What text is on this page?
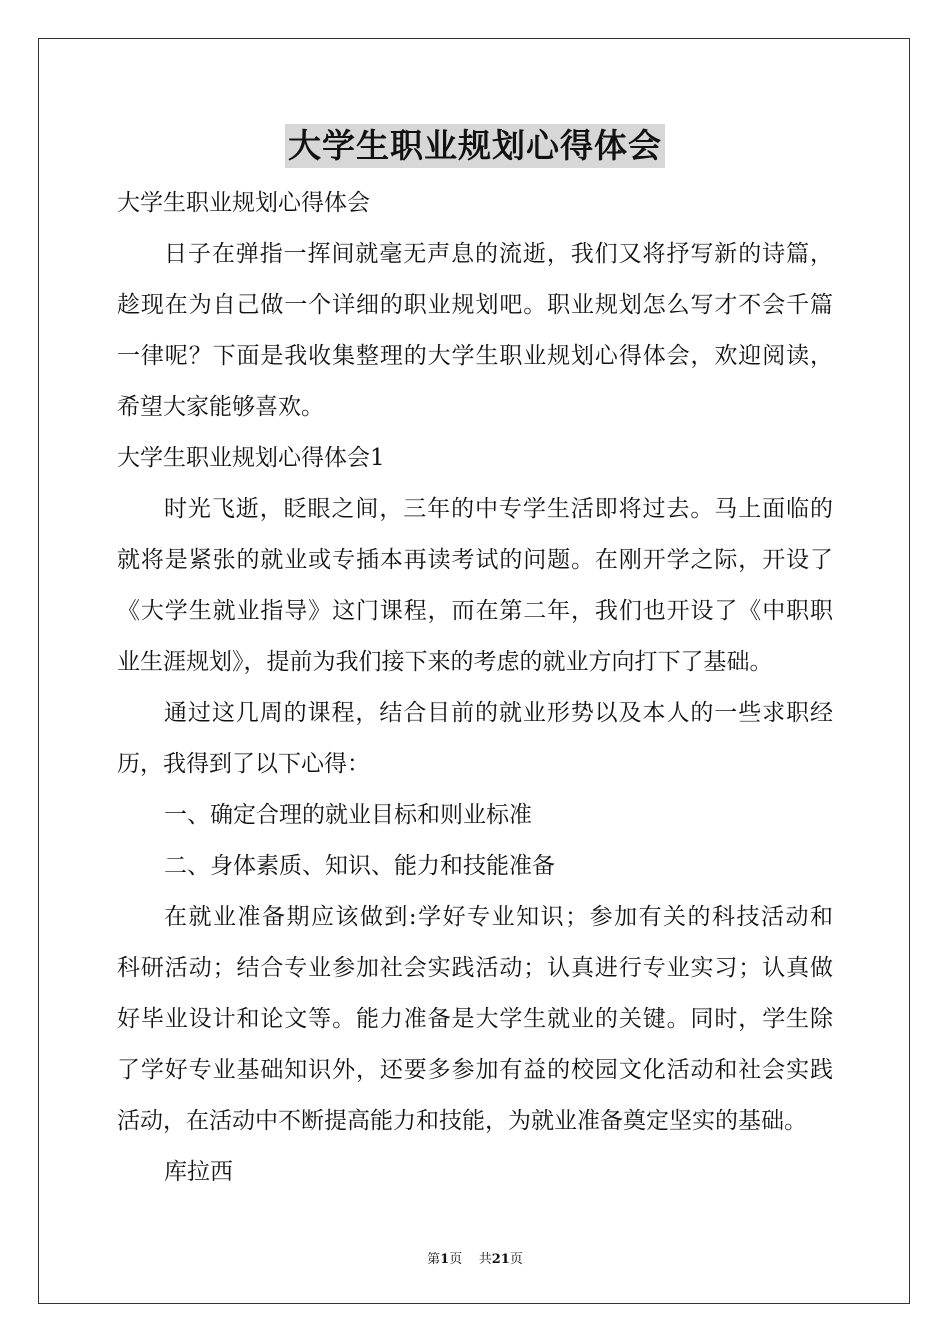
大学生职业规划心得体会
大学生职业规划心得体会
日子在弹指一挥间就毫无声息的流逝，我们又将抒写新的诗篇，
趁现在为自己做一个详细的职业规划吧。职业规划怎么写才不会千篇
一律呢？下面是我收集整理的大学生职业规划心得体会，欢迎阅读，
希望大家能够喜欢。
大学生职业规划心得体会1
时光飞逝，眨眼之间，三年的中专学生活即将过去。马上面临的
就将是紧张的就业或专插本再读考试的问题。在刚开学之际，开设了
《大学生就业指导》这门课程，而在第二年，我们也开设了《中职职
业生涯规划》，提前为我们接下来的考虑的就业方向打下了基础。
通过这几周的课程，结合目前的就业形势以及本人的一些求职经
历，我得到了以下心得：
一、确定合理的就业目标和则业标准
二、身体素质、知识、能力和技能准备
在就业准备期应该做到:学好专业知识；参加有关的科技活动和
科研活动；结合专业参加社会实践活动；认真进行专业实习；认真做
好毕业设计和论文等。能力准备是大学生就业的关键。同时，学生除
了学好专业基础知识外，还要多参加有益的校园文化活动和社会实践
活动，在活动中不断提高能力和技能，为就业准备奠定坚实的基础。
库拉西
第1页 共21页
